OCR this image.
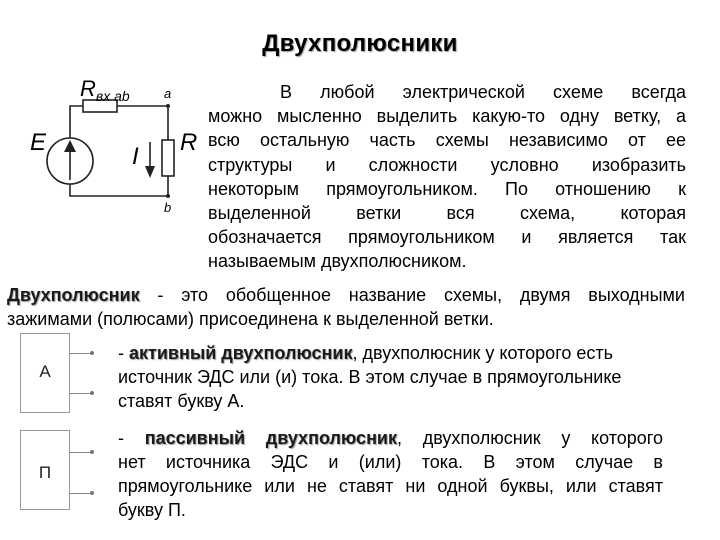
Двухполюсники
E
$R_{вх ab}$	a
R
I
b
В любой электрической схеме всегда
можно мысленно выделить какую-то одну ветку, а
всю остальную часть схемы независимо от ее
структуры и сложности условно изобразить
некоторым прямоугольником. По отношению к
выделенной ветки вся схема, которая
обозначается прямоугольником и является так
называемым двухполюсником.
Двухполюсник - это обобщенное название схемы, двумя выходными
зажимами (полюсами) присоединена к выделенной ветки.
А
- активный двухполюсник, двухполюсник у которого есть
источник ЭДС или (и) тока. В этом случае в прямоугольнике
ставят букву А.
П
- пассивный двухполюсник, двухполюсник у которого
нет источника ЭДС и (или) тока. В этом случае в
прямоугольнике или не ставят ни одной буквы, или ставят
букву П.
